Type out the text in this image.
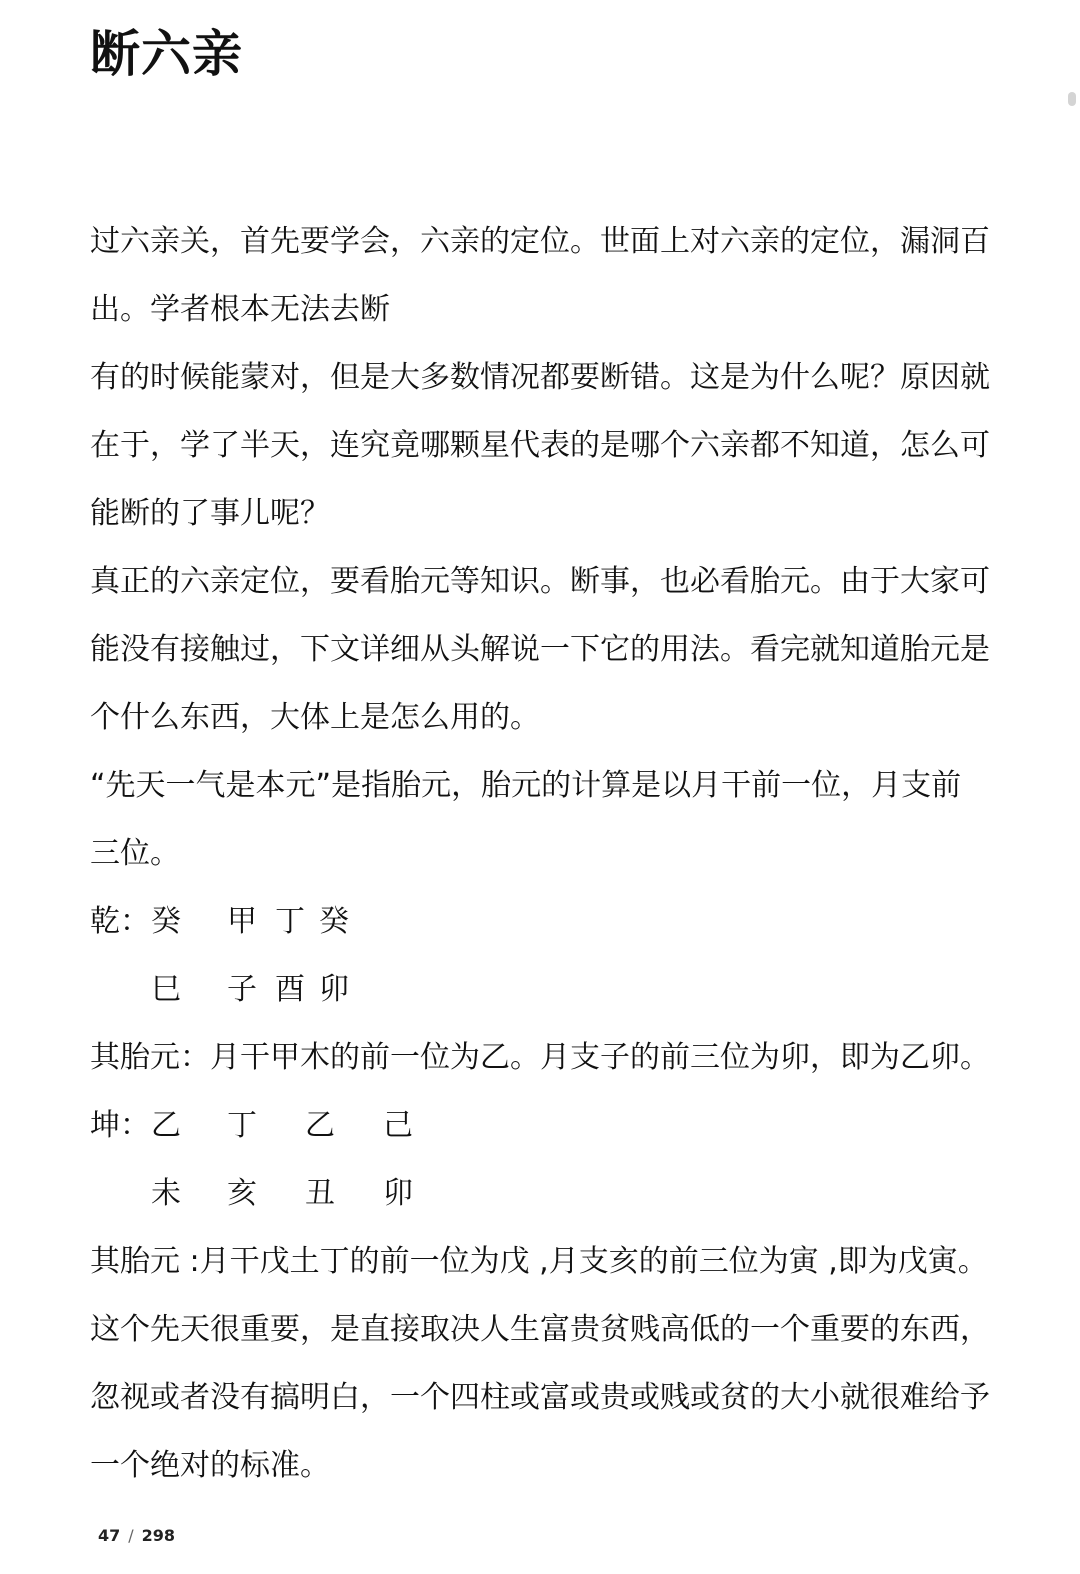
断六亲
过六亲关，首先要学会，六亲的定位。世面上对六亲的定位，漏洞百
出。学者根本无法去断
有的时候能蒙对，但是大多数情况都要断错。这是为什么呢？原因就
在于，学了半天，连究竟哪颗星代表的是哪个六亲都不知道，怎么可
能断的了事儿呢？
真正的六亲定位，要看胎元等知识。断事，也必看胎元。由于大家可
能没有接触过，下文详细从头解说一下它的用法。看完就知道胎元是
个什么东西，大体上是怎么用的。
“先天一气是本元”是指胎元，胎元的计算是以月干前一位，月支前
三位。
乾： 癸 甲 丁 癸
巳 子 酉 卯
其胎元：月干甲木的前一位为乙。月支子的前三位为卯，即为乙卯。
坤： 乙 丁 乙 己
未 亥 丑 卯
其胎元 :月干戊土丁的前一位为戊 ,月支亥的前三位为寅 ,即为戊寅。
这个先天很重要，是直接取决人生富贵贫贱高低的一个重要的东西，
忽视或者没有搞明白，一个四柱或富或贵或贱或贫的大小就很难给予
一个绝对的标准。
47 / 298
